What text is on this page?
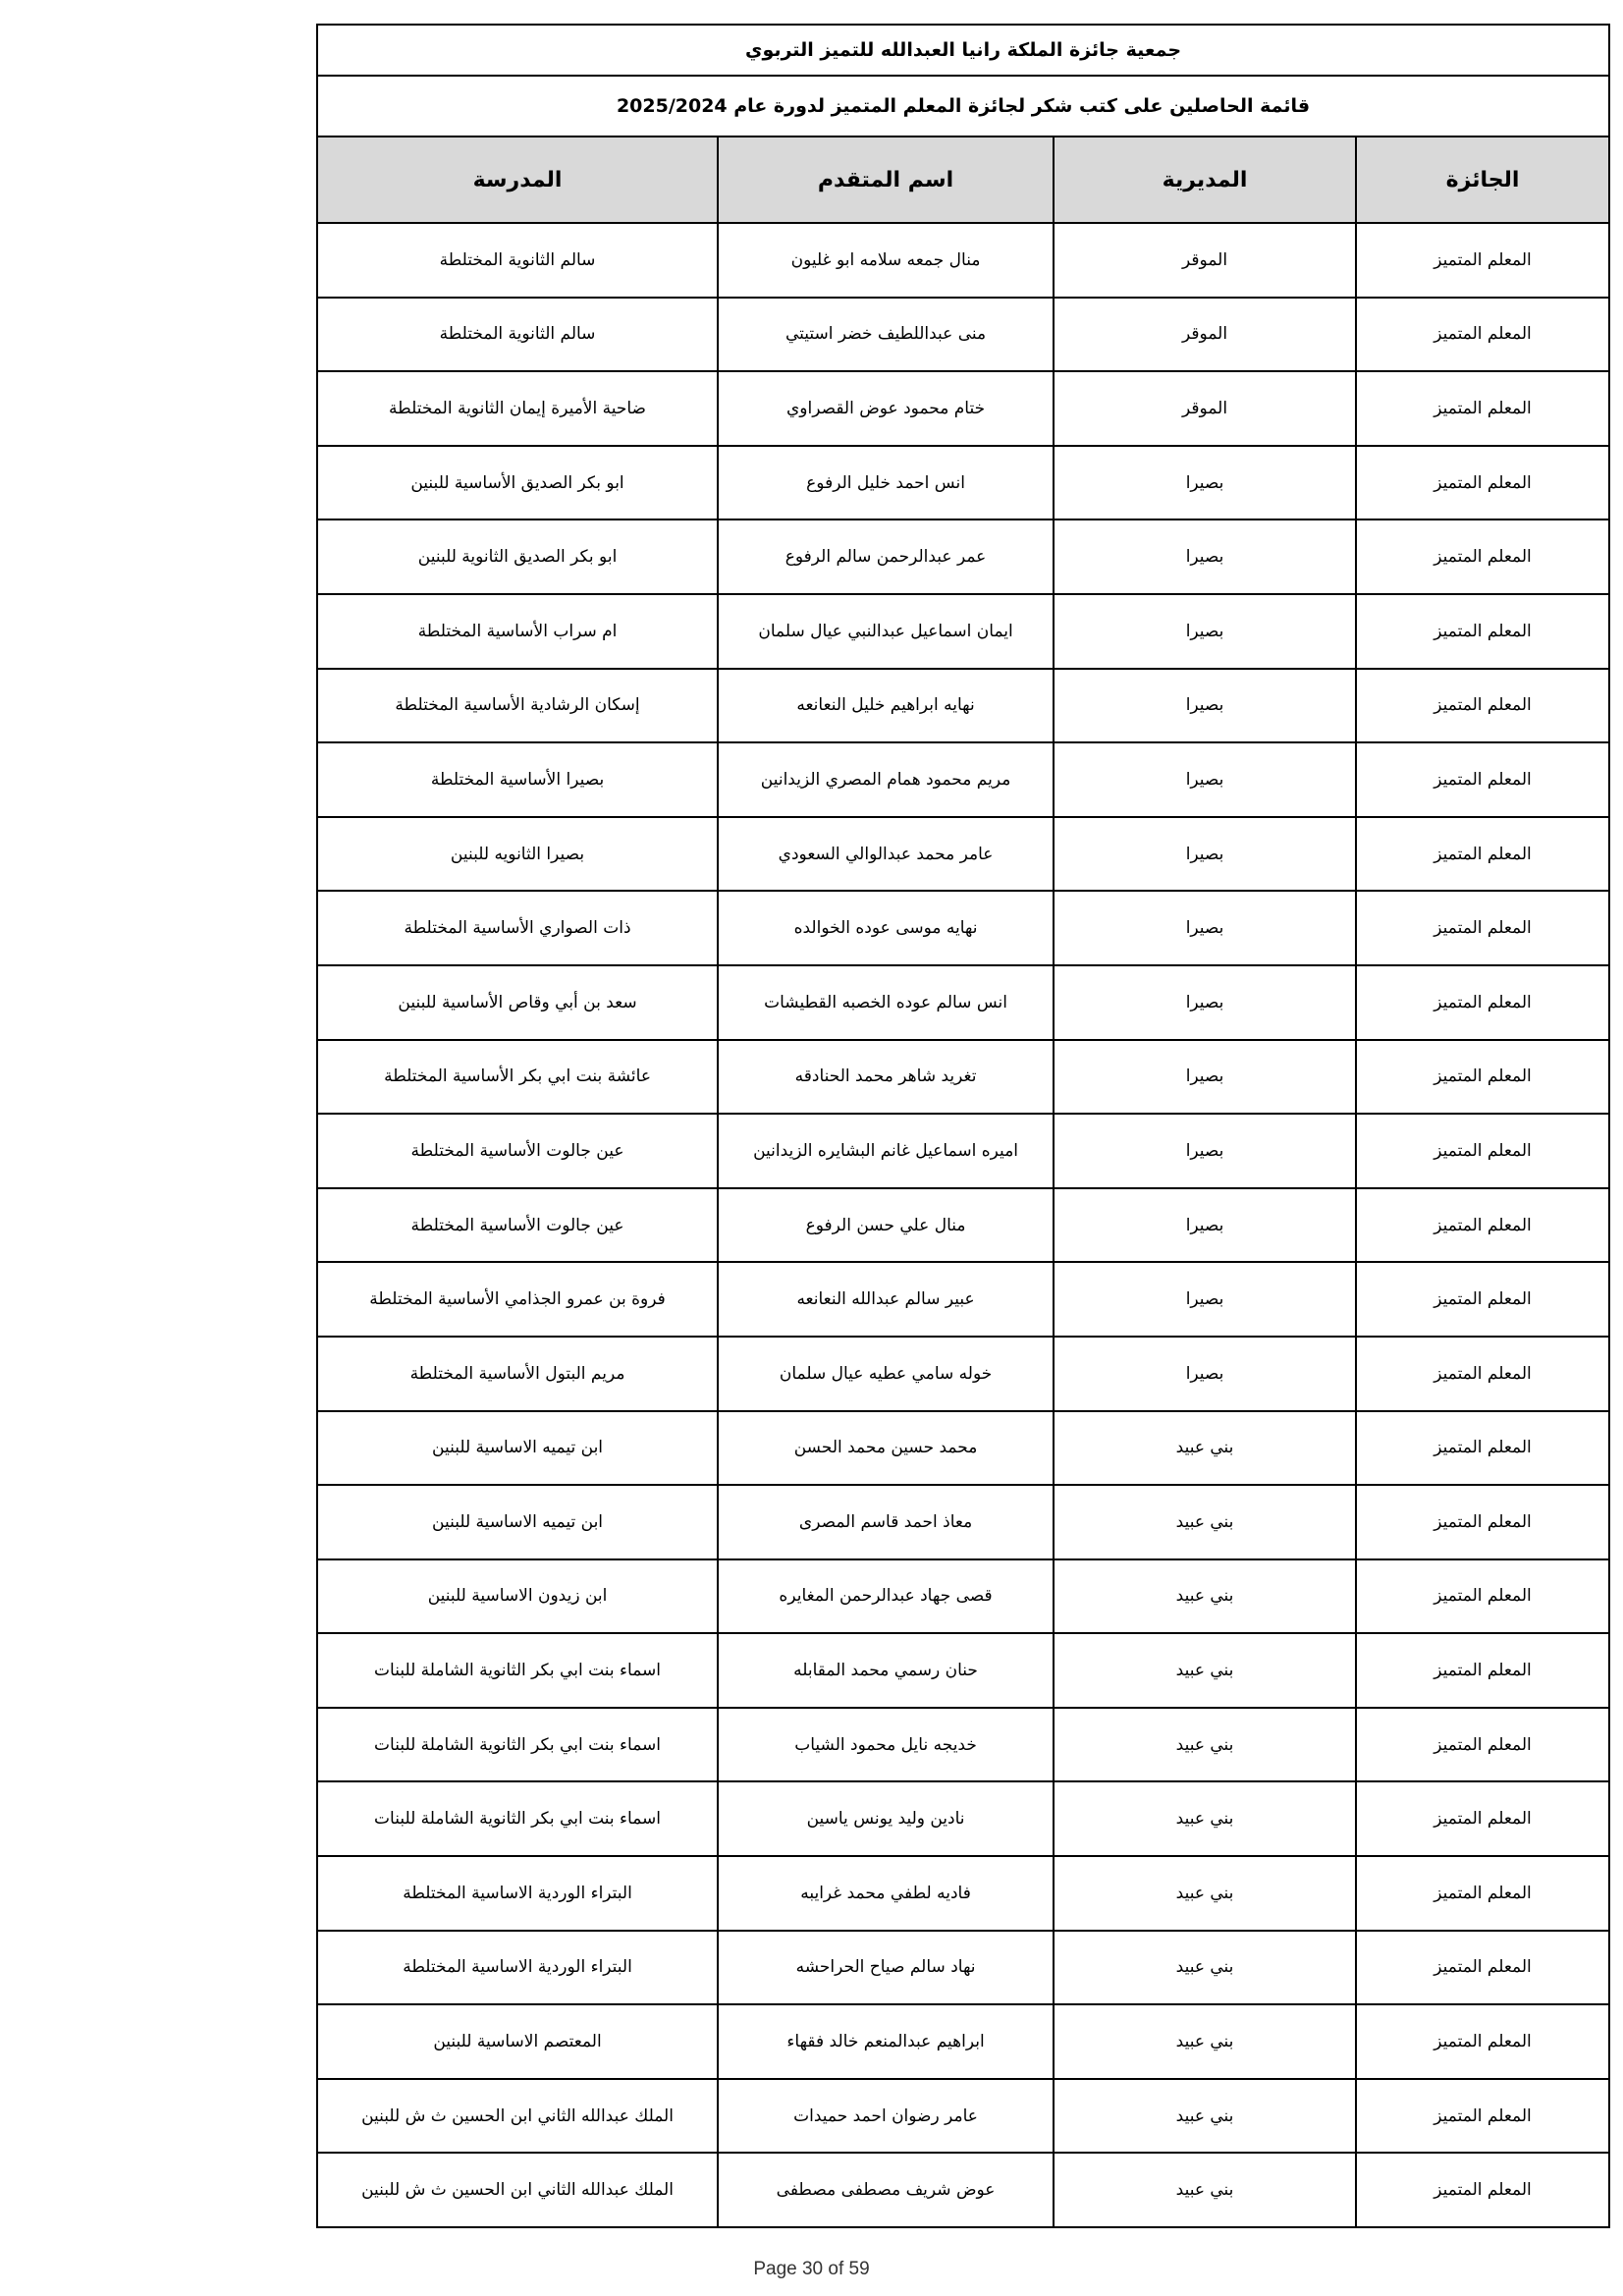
جمعية جائزة الملكة رانيا العبدالله للتميز التربوي			
قائمة الحاصلين على كتب شكر لجائزة المعلم المتميز لدورة عام 2025/2024			
الجائزة	المديرية	اسم المتقدم	المدرسة
المعلم المتميز	الموقر	منال جمعه سلامه ابو غليون	سالم الثانوية المختلطة
المعلم المتميز	الموقر	منى عبداللطيف خضر استيتي	سالم الثانوية المختلطة
المعلم المتميز	الموقر	ختام محمود عوض القصراوي	ضاحية الأميرة إيمان الثانوية المختلطة
المعلم المتميز	بصيرا	انس احمد خليل الرفوع	ابو بكر الصديق الأساسية للبنين
المعلم المتميز	بصيرا	عمر عبدالرحمن سالم الرفوع	ابو بكر الصديق الثانوية للبنين
المعلم المتميز	بصيرا	ايمان اسماعيل عبدالنبي عيال سلمان	ام سراب الأساسية المختلطة
المعلم المتميز	بصيرا	نهايه ابراهيم خليل النعانعه	إسكان الرشادية الأساسية المختلطة
المعلم المتميز	بصيرا	مريم محمود همام المصري الزيدانين	بصيرا الأساسية المختلطة
المعلم المتميز	بصيرا	عامر محمد عبدالوالي السعودي	بصيرا الثانويه للبنين
المعلم المتميز	بصيرا	نهايه موسى عوده الخوالده	ذات الصواري الأساسية المختلطة
المعلم المتميز	بصيرا	انس سالم عوده الخصبه القطيشات	سعد بن أبي وقاص الأساسية للبنين
المعلم المتميز	بصيرا	تغريد شاهر محمد الحنادقه	عائشة بنت ابي بكر الأساسية المختلطة
المعلم المتميز	بصيرا	اميره اسماعيل غانم البشايره الزيدانين	عين جالوت الأساسية المختلطة
المعلم المتميز	بصيرا	منال علي حسن الرفوع	عين جالوت الأساسية المختلطة
المعلم المتميز	بصيرا	عبير سالم عبدالله النعانعه	فروة بن عمرو الجذامي الأساسية المختلطة
المعلم المتميز	بصيرا	خوله سامي عطيه عيال سلمان	مريم البتول الأساسية المختلطة
المعلم المتميز	بني عبيد	محمد حسين محمد الحسن	ابن تيميه الاساسية للبنين
المعلم المتميز	بني عبيد	معاذ احمد قاسم المصرى	ابن تيميه الاساسية للبنين
المعلم المتميز	بني عبيد	قصى جهاد عبدالرحمن المغايره	ابن زيدون الاساسية للبنين
المعلم المتميز	بني عبيد	حنان رسمي محمد المقابله	اسماء بنت ابي بكر الثانوية الشاملة للبنات
المعلم المتميز	بني عبيد	خديجه نايل محمود الشياب	اسماء بنت ابي بكر الثانوية الشاملة للبنات
المعلم المتميز	بني عبيد	نادين وليد يونس ياسين	اسماء بنت ابي بكر الثانوية الشاملة للبنات
المعلم المتميز	بني عبيد	فاديه لطفي محمد غرايبه	البتراء الوردية الاساسية المختلطة
المعلم المتميز	بني عبيد	نهاد سالم صياح الحراحشه	البتراء الوردية الاساسية المختلطة
المعلم المتميز	بني عبيد	ابراهيم عبدالمنعم خالد فقهاء	المعتصم الاساسية للبنين
المعلم المتميز	بني عبيد	عامر رضوان احمد حميدات	الملك عبدالله الثاني ابن الحسين ث ش للبنين
المعلم المتميز	بني عبيد	عوض شريف مصطفى مصطفى	الملك عبدالله الثاني ابن الحسين ث ش للبنين
Page 30 of 59
